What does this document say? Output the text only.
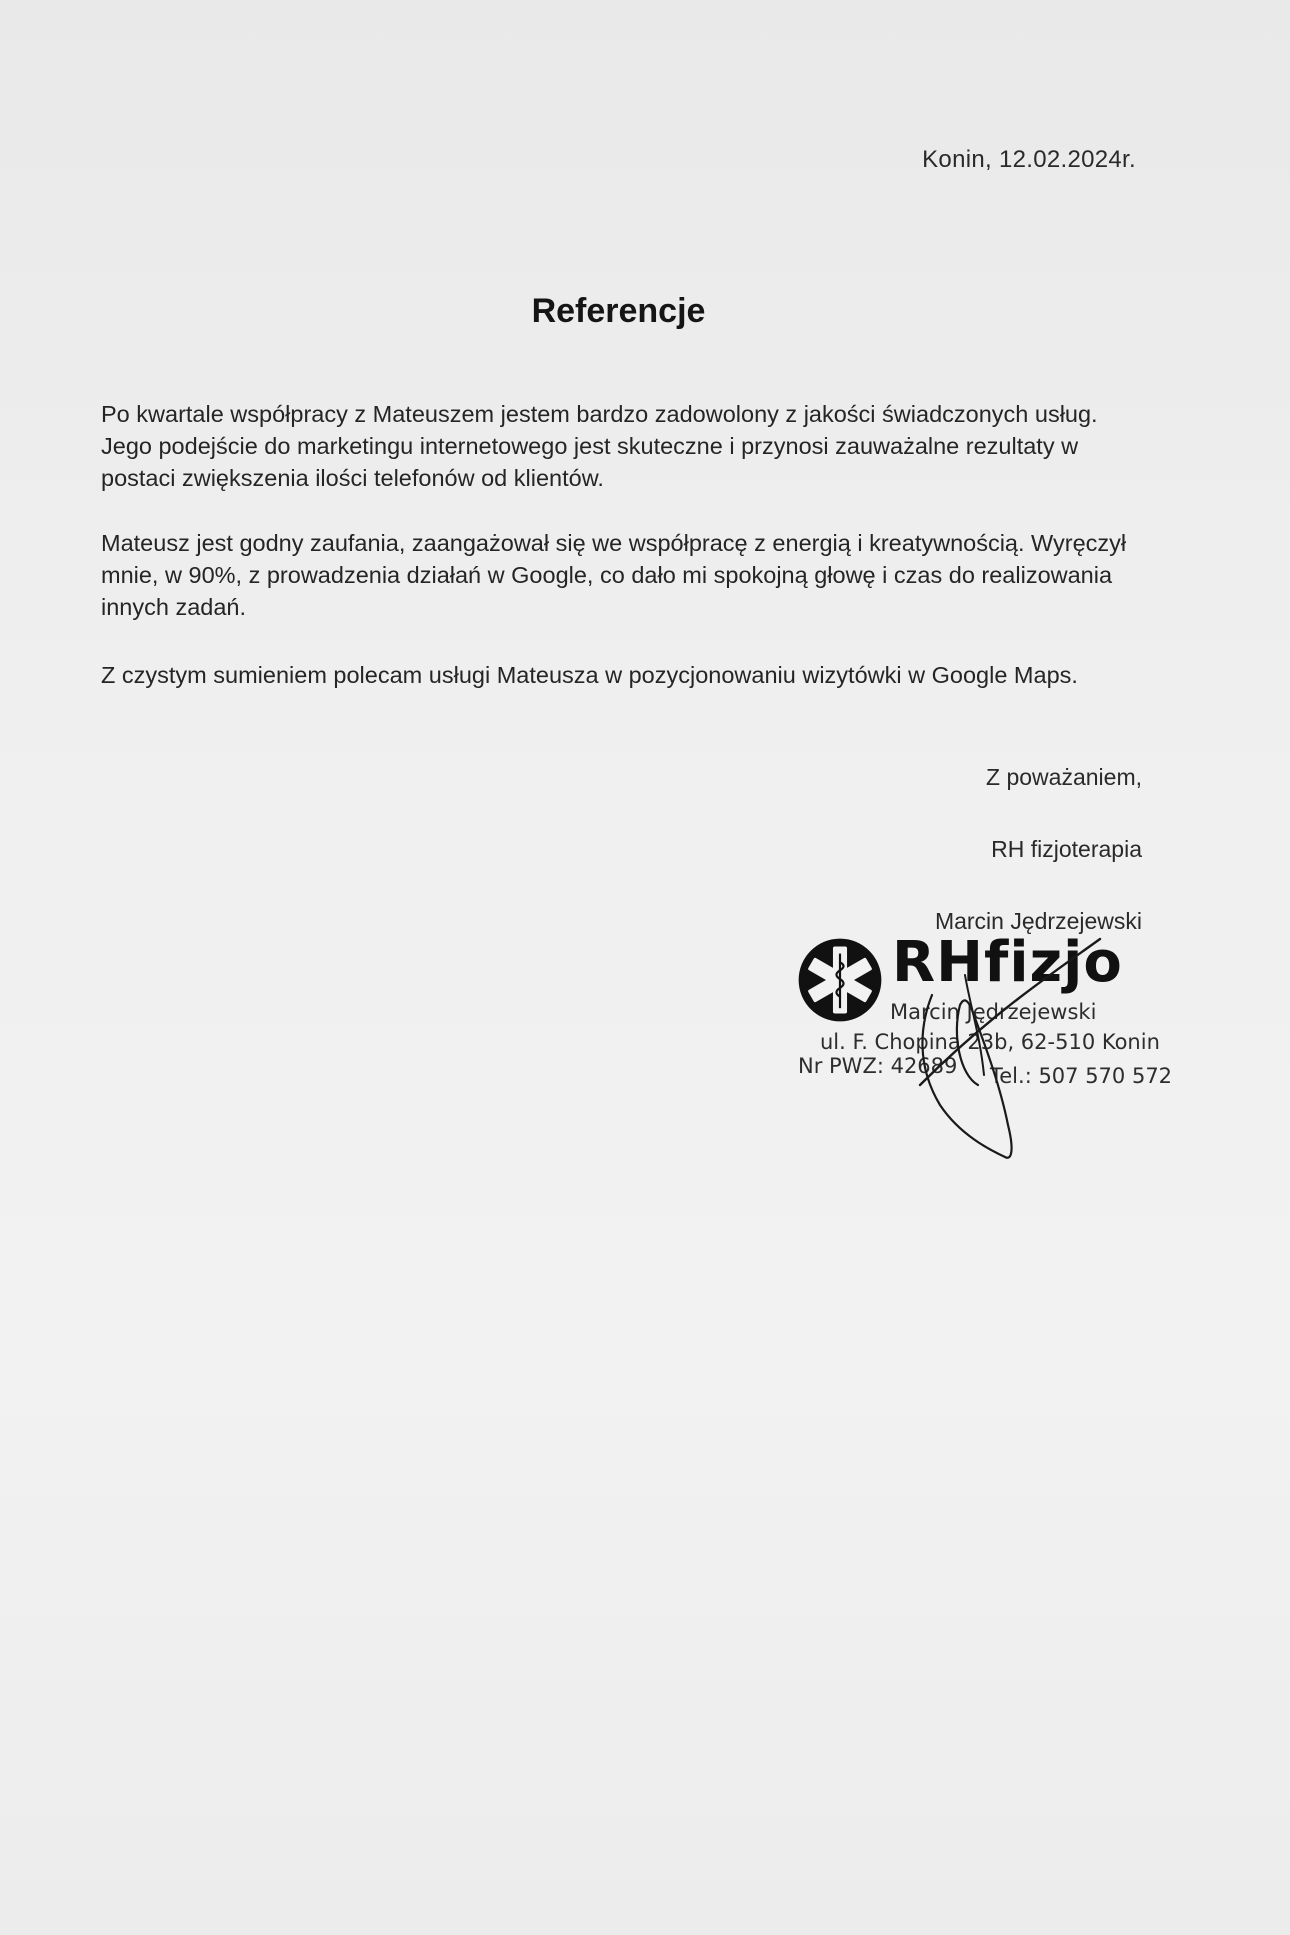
Konin, 12.02.2024r.
Referencje
Po kwartale współpracy z Mateuszem jestem bardzo zadowolony z jakości świadczonych usług. Jego podejście do marketingu internetowego jest skuteczne i przynosi zauważalne rezultaty w postaci zwiększenia ilości telefonów od klientów.
Mateusz jest godny zaufania, zaangażował się we współpracę z energią i kreatywnością. Wyręczył mnie, w 90%, z prowadzenia działań w Google, co dało mi spokojną głowę i czas do realizowania innych zadań.
Z czystym sumieniem polecam usługi Mateusza w pozycjonowaniu wizytówki w Google Maps.
Z poważaniem,
RH fizjoterapia
Marcin Jędrzejewski
RHfizjo
Marcin Jędrzejewski
ul. F. Chopina 23b, 62-510 Konin
Nr PWZ: 42689 Tel.: 507 570 572
